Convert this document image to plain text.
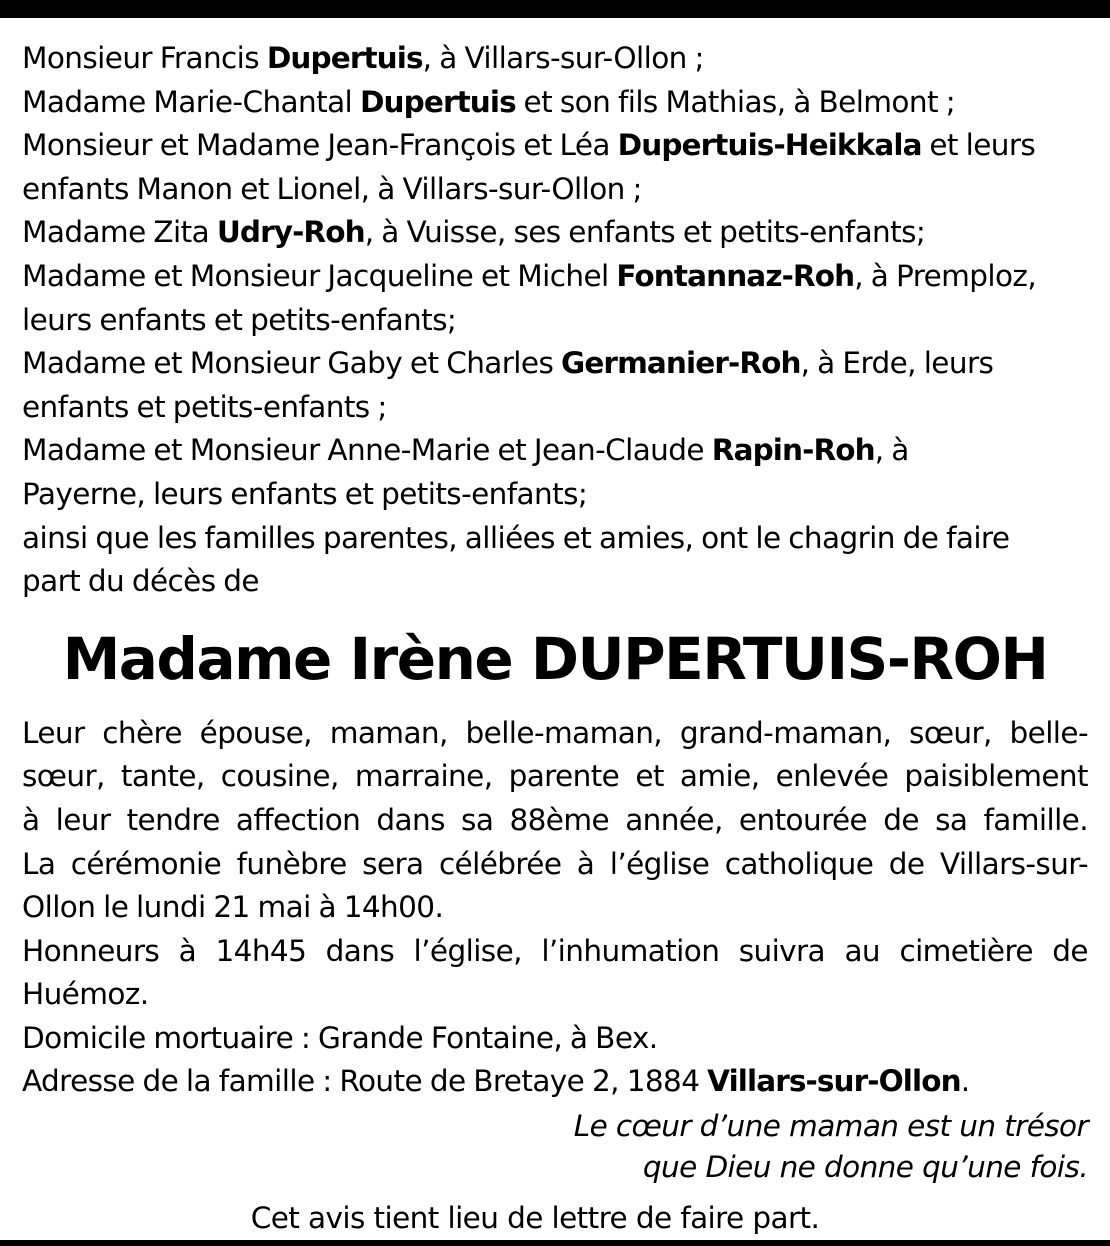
Monsieur Francis Dupertuis, à Villars-sur-Ollon ;
Madame Marie-Chantal Dupertuis et son fils Mathias, à Belmont ;
Monsieur et Madame Jean-François et Léa Dupertuis-Heikkala et leurs
enfants Manon et Lionel, à Villars-sur-Ollon ;
Madame Zita Udry-Roh, à Vuisse, ses enfants et petits-enfants;
Madame et Monsieur Jacqueline et Michel Fontannaz-Roh, à Premploz,
leurs enfants et petits-enfants;
Madame et Monsieur Gaby et Charles Germanier-Roh, à Erde, leurs
enfants et petits-enfants ;
Madame et Monsieur Anne-Marie et Jean-Claude Rapin-Roh, à
Payerne, leurs enfants et petits-enfants;
ainsi que les familles parentes, alliées et amies, ont le chagrin de faire
part du décès de
Madame Irène DUPERTUIS-ROH
Leur chère épouse, maman, belle-maman, grand-maman, sœur, belle-
sœur, tante, cousine, marraine, parente et amie, enlevée paisiblement
à leur tendre affection dans sa 88ème année, entourée de sa famille.
La cérémonie funèbre sera célébrée à l’église catholique de Villars-sur-
Ollon le lundi 21 mai à 14h00.
Honneurs à 14h45 dans l’église, l’inhumation suivra au cimetière de
Huémoz.
Domicile mortuaire : Grande Fontaine, à Bex.
Adresse de la famille : Route de Bretaye 2, 1884 Villars-sur-Ollon.
Le cœur d’une maman est un trésor
que Dieu ne donne qu’une fois.
Cet avis tient lieu de lettre de faire part.
